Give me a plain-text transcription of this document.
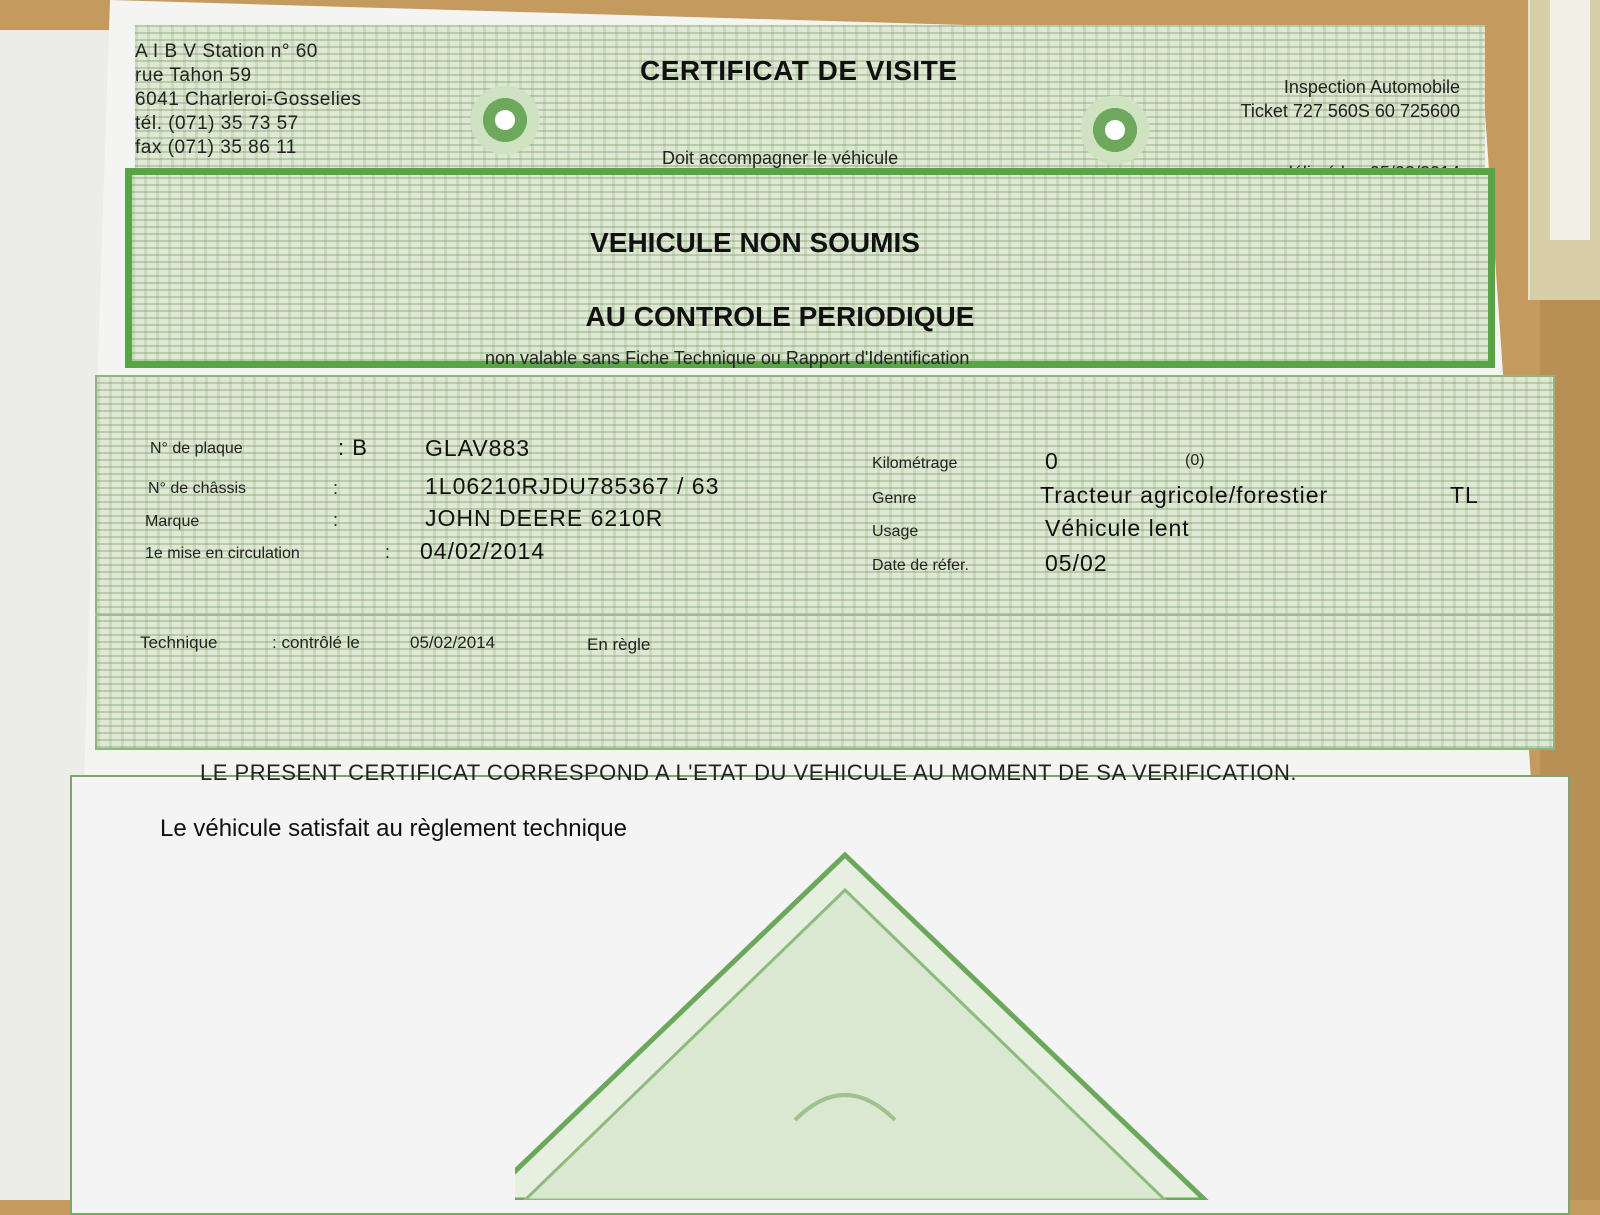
A I B V Station n° 60
rue Tahon 59
6041 Charleroi-Gosselies
tél. (071) 35 73 57
fax (071) 35 86 11
CERTIFICAT DE VISITE
Doit accompagner le véhicule
Inspection Automobile
Ticket 727 560S 60 725600
VEHICULE NON SOUMIS
AU CONTROLE PERIODIQUE
non valable sans Fiche Technique ou Rapport d'Identification
N° de plaque	: B GLAV883
N° de châssis	:	1L06210RJDU785367 / 63
Marque	:	JOHN DEERE 6210R
1e mise en circulation	: 04/02/2014
Kilométrage	0	(0)
Genre	Tracteur agricole/forestier	TL
Usage	Véhicule lent
Date de réfer.	05/02
Technique	: contrôlé le	05/02/2014	En règle
LE PRESENT CERTIFICAT CORRESPOND A L'ETAT DU VEHICULE AU MOMENT DE SA VERIFICATION.
Le véhicule satisfait au règlement technique
